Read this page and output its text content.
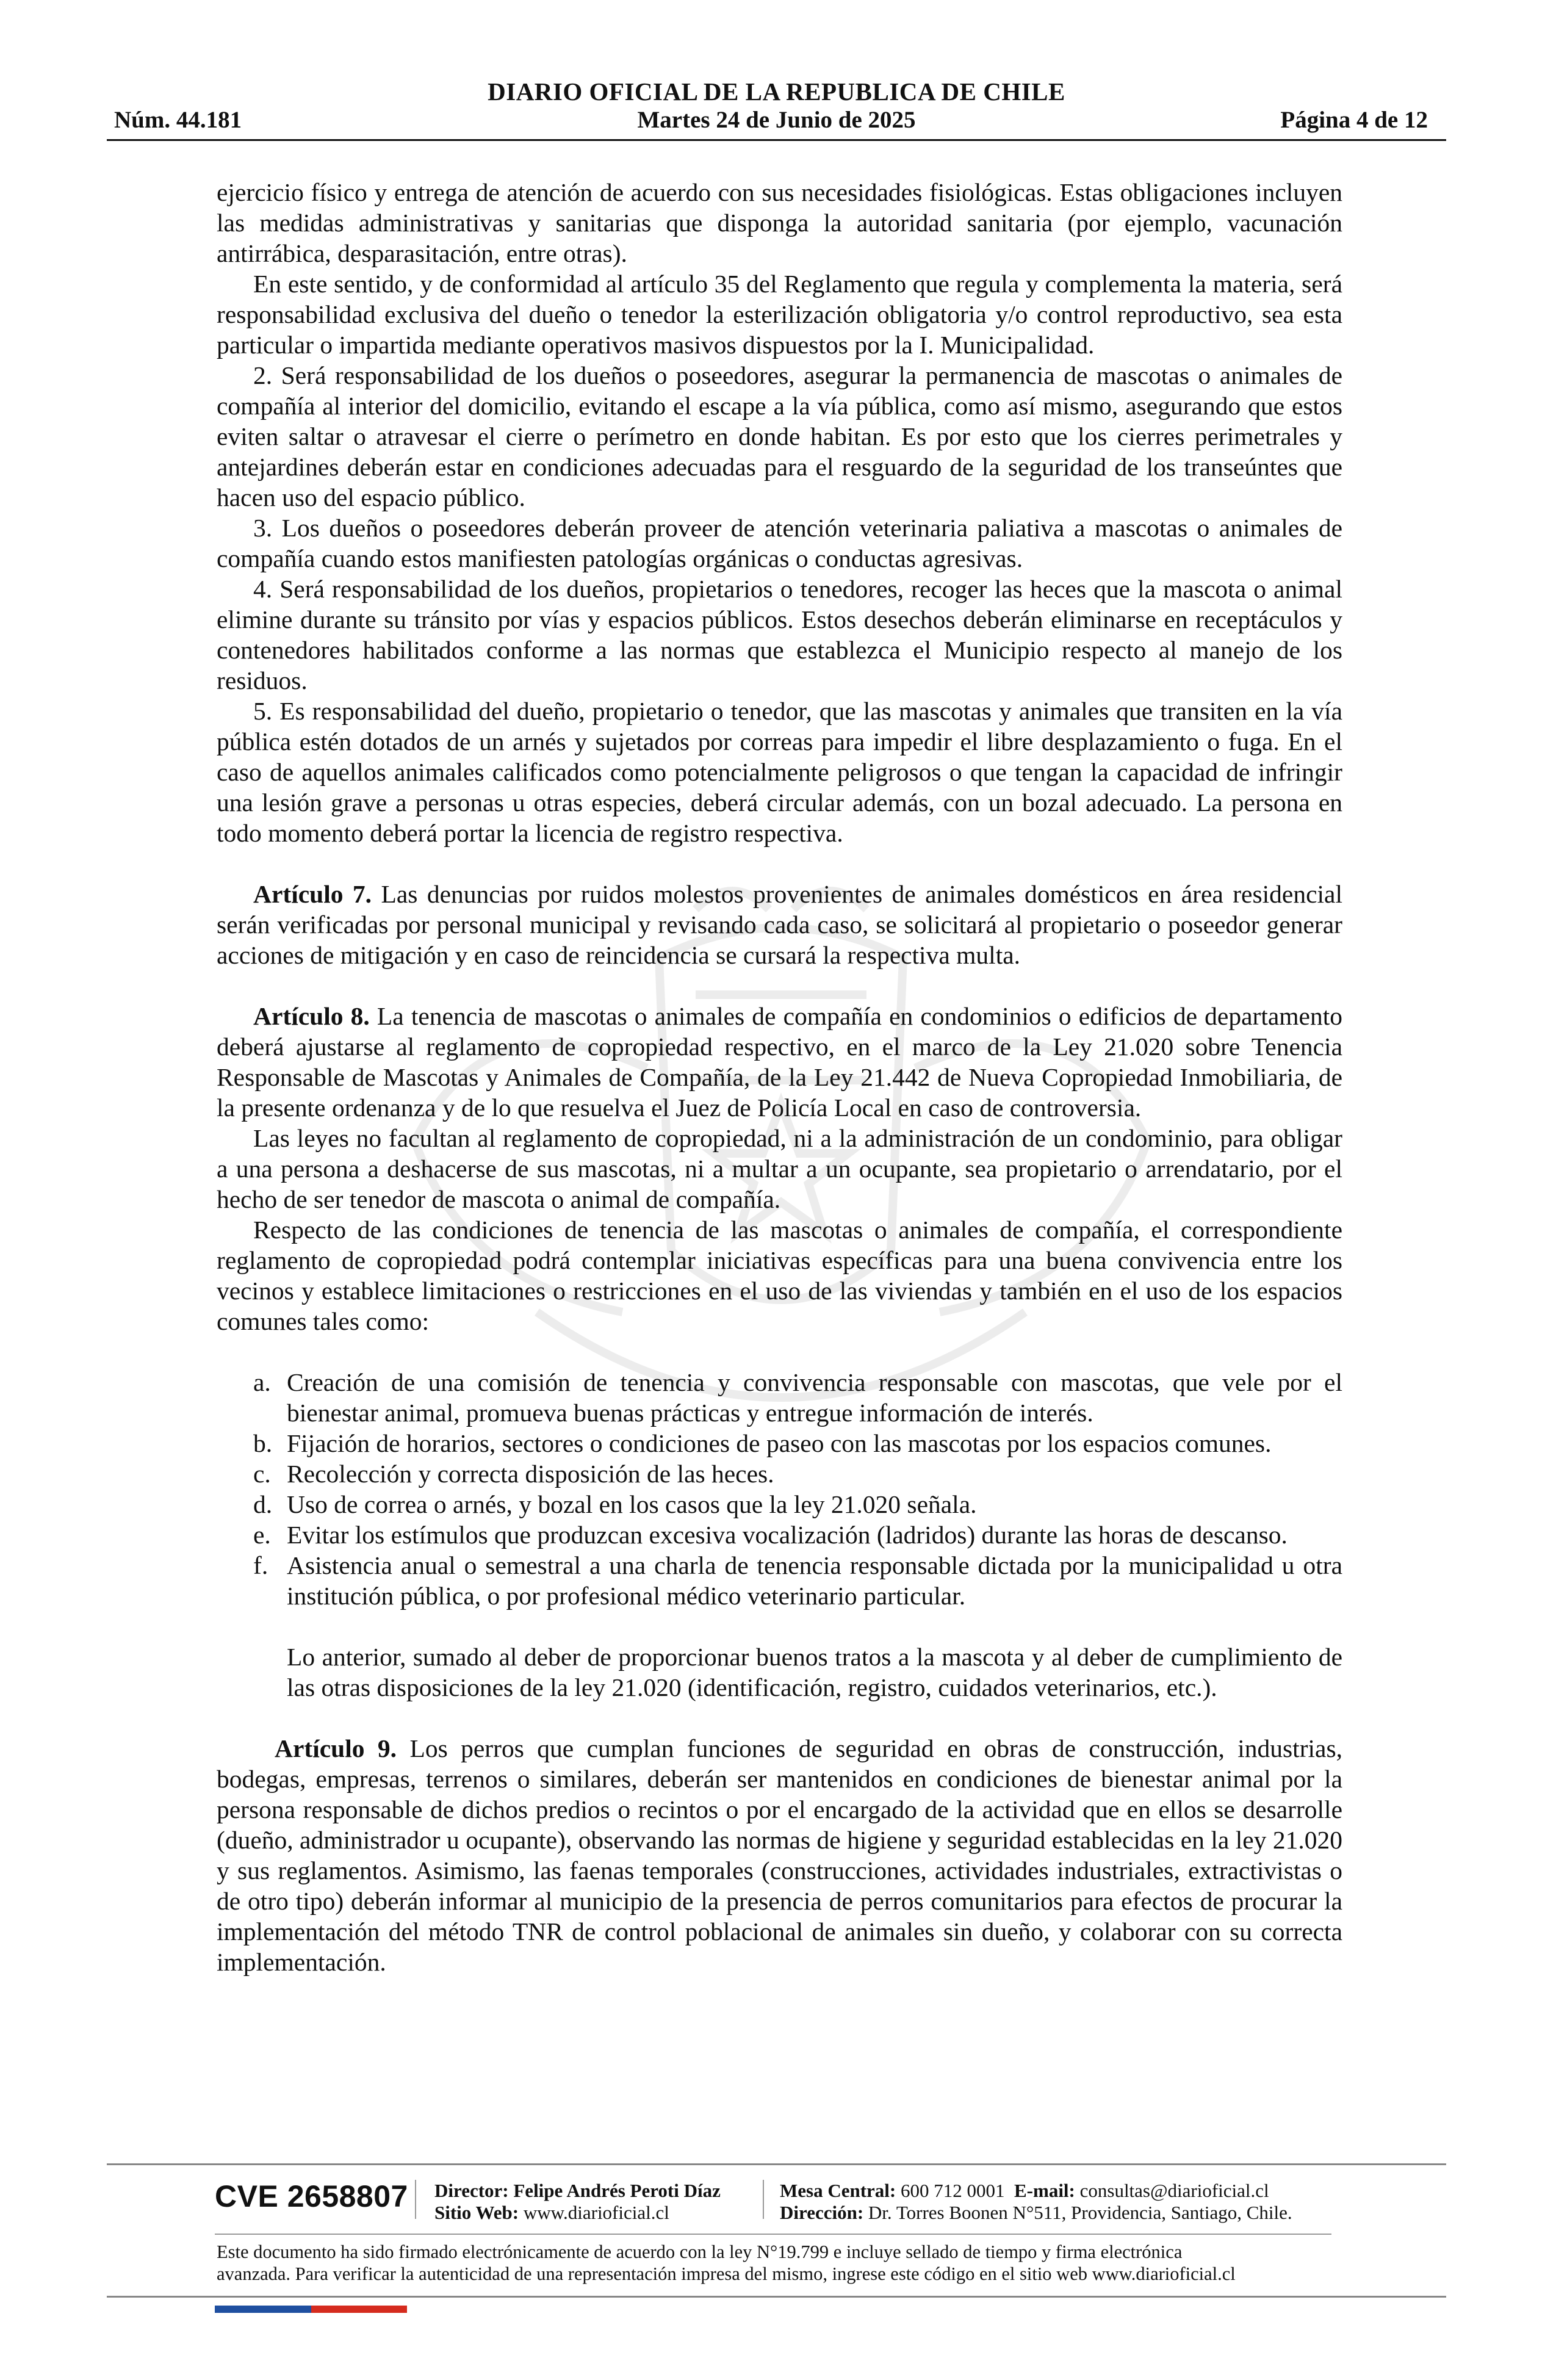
DIARIO OFICIAL DE LA REPUBLICA DE CHILE
Núm. 44.181	Martes 24 de Junio de 2025	Página 4 de 12

ejercicio físico y entrega de atención de acuerdo con sus necesidades fisiológicas. Estas obligaciones incluyen las medidas administrativas y sanitarias que disponga la autoridad sanitaria (por ejemplo, vacunación antirrábica, desparasitación, entre otras).

En este sentido, y de conformidad al artículo 35 del Reglamento que regula y complementa la materia, será responsabilidad exclusiva del dueño o tenedor la esterilización obligatoria y/o control reproductivo, sea esta particular o impartida mediante operativos masivos dispuestos por la I. Municipalidad.

2. Será responsabilidad de los dueños o poseedores, asegurar la permanencia de mascotas o animales de compañía al interior del domicilio, evitando el escape a la vía pública, como así mismo, asegurando que estos eviten saltar o atravesar el cierre o perímetro en donde habitan. Es por esto que los cierres perimetrales y antejardines deberán estar en condiciones adecuadas para el resguardo de la seguridad de los transeúntes que hacen uso del espacio público.

3. Los dueños o poseedores deberán proveer de atención veterinaria paliativa a mascotas o animales de compañía cuando estos manifiesten patologías orgánicas o conductas agresivas.

4. Será responsabilidad de los dueños, propietarios o tenedores, recoger las heces que la mascota o animal elimine durante su tránsito por vías y espacios públicos. Estos desechos deberán eliminarse en receptáculos y contenedores habilitados conforme a las normas que establezca el Municipio respecto al manejo de los residuos.

5. Es responsabilidad del dueño, propietario o tenedor, que las mascotas y animales que transiten en la vía pública estén dotados de un arnés y sujetados por correas para impedir el libre desplazamiento o fuga. En el caso de aquellos animales calificados como potencialmente peligrosos o que tengan la capacidad de infringir una lesión grave a personas u otras especies, deberá circular además, con un bozal adecuado. La persona en todo momento deberá portar la licencia de registro respectiva.

Artículo 7. Las denuncias por ruidos molestos provenientes de animales domésticos en área residencial serán verificadas por personal municipal y revisando cada caso, se solicitará al propietario o poseedor generar acciones de mitigación y en caso de reincidencia se cursará la respectiva multa.

Artículo 8. La tenencia de mascotas o animales de compañía en condominios o edificios de departamento deberá ajustarse al reglamento de copropiedad respectivo, en el marco de la Ley 21.020 sobre Tenencia Responsable de Mascotas y Animales de Compañía, de la Ley 21.442 de Nueva Copropiedad Inmobiliaria, de la presente ordenanza y de lo que resuelva el Juez de Policía Local en caso de controversia.

Las leyes no facultan al reglamento de copropiedad, ni a la administración de un condominio, para obligar a una persona a deshacerse de sus mascotas, ni a multar a un ocupante, sea propietario o arrendatario, por el hecho de ser tenedor de mascota o animal de compañía.

Respecto de las condiciones de tenencia de las mascotas o animales de compañía, el correspondiente reglamento de copropiedad podrá contemplar iniciativas específicas para una buena convivencia entre los vecinos y establece limitaciones o restricciones en el uso de las viviendas y también en el uso de los espacios comunes tales como:

a. Creación de una comisión de tenencia y convivencia responsable con mascotas, que vele por el bienestar animal, promueva buenas prácticas y entregue información de interés.
b. Fijación de horarios, sectores o condiciones de paseo con las mascotas por los espacios comunes.
c. Recolección y correcta disposición de las heces.
d. Uso de correa o arnés, y bozal en los casos que la ley 21.020 señala.
e. Evitar los estímulos que produzcan excesiva vocalización (ladridos) durante las horas de descanso.
f. Asistencia anual o semestral a una charla de tenencia responsable dictada por la municipalidad u otra institución pública, o por profesional médico veterinario particular.

Lo anterior, sumado al deber de proporcionar buenos tratos a la mascota y al deber de cumplimiento de las otras disposiciones de la ley 21.020 (identificación, registro, cuidados veterinarios, etc.).

Artículo 9. Los perros que cumplan funciones de seguridad en obras de construcción, industrias, bodegas, empresas, terrenos o similares, deberán ser mantenidos en condiciones de bienestar animal por la persona responsable de dichos predios o recintos o por el encargado de la actividad que en ellos se desarrolle (dueño, administrador u ocupante), observando las normas de higiene y seguridad establecidas en la ley 21.020 y sus reglamentos. Asimismo, las faenas temporales (construcciones, actividades industriales, extractivistas o de otro tipo) deberán informar al municipio de la presencia de perros comunitarios para efectos de procurar la implementación del método TNR de control poblacional de animales sin dueño, y colaborar con su correcta implementación.

CVE 2658807 Director: Felipe Andrés Peroti Díaz
Sitio Web: www.diarioficial.cl
Mesa Central: 600 712 0001 E-mail: consultas@diarioficial.cl
Dirección: Dr. Torres Boonen N°511, Providencia, Santiago, Chile.
Este documento ha sido firmado electrónicamente de acuerdo con la ley N°19.799 e incluye sellado de tiempo y firma electrónica
avanzada. Para verificar la autenticidad de una representación impresa del mismo, ingrese este código en el sitio web www.diarioficial.cl
